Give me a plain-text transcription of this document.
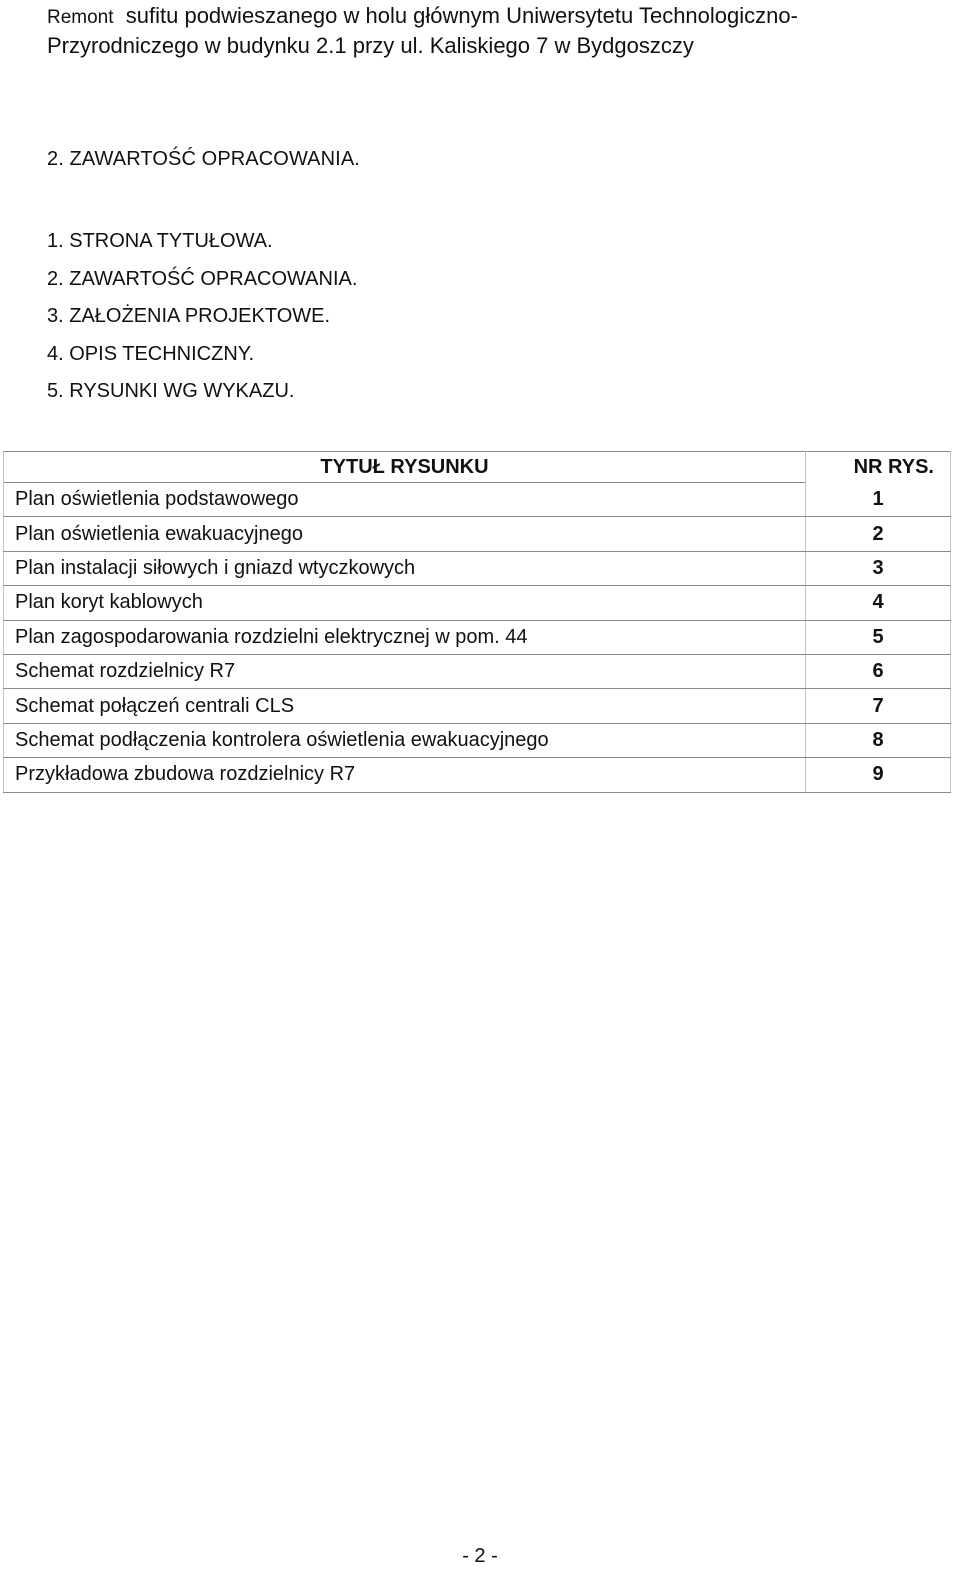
Remont sufitu podwieszanego w holu głównym Uniwersytetu Technologiczno-
Przyrodniczego w budynku 2.1 przy ul. Kaliskiego 7 w Bydgoszczy
2. ZAWARTOŚĆ OPRACOWANIA.
1. STRONA TYTUŁOWA.
2. ZAWARTOŚĆ OPRACOWANIA.
3. ZAŁOŻENIA PROJEKTOWE.
4. OPIS TECHNICZNY.
5. RYSUNKI WG WYKAZU.
TYTUŁ RYSUNKU	NR RYS.
Plan oświetlenia podstawowego	1
Plan oświetlenia ewakuacyjnego	2
Plan instalacji siłowych i gniazd wtyczkowych	3
Plan koryt kablowych	4
Plan zagospodarowania rozdzielni elektrycznej w pom. 44	5
Schemat rozdzielnicy R7	6
Schemat połączeń centrali CLS	7
Schemat podłączenia kontrolera oświetlenia ewakuacyjnego	8
Przykładowa zbudowa rozdzielnicy R7	9
- 2 -
